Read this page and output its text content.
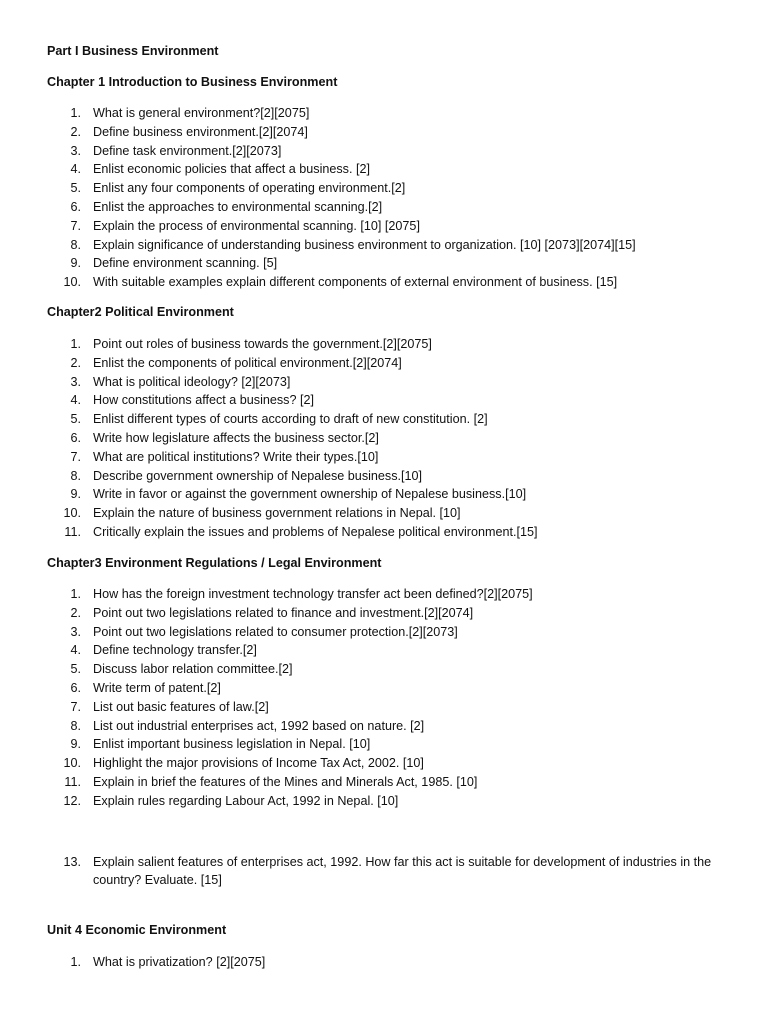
Part I Business Environment
Chapter 1 Introduction to Business Environment
1. What is general environment?[2][2075]
2. Define business environment.[2][2074]
3. Define task environment.[2][2073]
4. Enlist economic policies that affect a business. [2]
5. Enlist any four components of operating environment.[2]
6. Enlist the approaches to environmental scanning.[2]
7. Explain the process of environmental scanning. [10] [2075]
8. Explain significance of understanding business environment to organization. [10] [2073][2074][15]
9. Define environment scanning. [5]
10. With suitable examples explain different components of external environment of business. [15]
Chapter2 Political Environment
1. Point out roles of business towards the government.[2][2075]
2. Enlist the components of political environment.[2][2074]
3. What is political ideology? [2][2073]
4. How constitutions affect a business? [2]
5. Enlist different types of courts according to draft of new constitution. [2]
6. Write how legislature affects the business sector.[2]
7. What are political institutions? Write their types.[10]
8. Describe government ownership of Nepalese business.[10]
9. Write in favor or against the government ownership of Nepalese business.[10]
10. Explain the nature of business government relations in Nepal. [10]
11. Critically explain the issues and problems of Nepalese political environment.[15]
Chapter3 Environment Regulations / Legal Environment
1. How has the foreign investment technology transfer act been defined?[2][2075]
2. Point out two legislations related to finance and investment.[2][2074]
3. Point out two legislations related to consumer protection.[2][2073]
4. Define technology transfer.[2]
5. Discuss labor relation committee.[2]
6. Write term of patent.[2]
7. List out basic features of law.[2]
8. List out industrial enterprises act, 1992 based on nature. [2]
9. Enlist important business legislation in Nepal. [10]
10. Highlight the major provisions of Income Tax Act, 2002. [10]
11. Explain in brief the features of the Mines and Minerals Act, 1985. [10]
12. Explain rules regarding Labour Act, 1992 in Nepal. [10]
13. Explain salient features of enterprises act, 1992. How far this act is suitable for development of industries in the country? Evaluate. [15]
Unit 4 Economic Environment
1. What is privatization? [2][2075]
